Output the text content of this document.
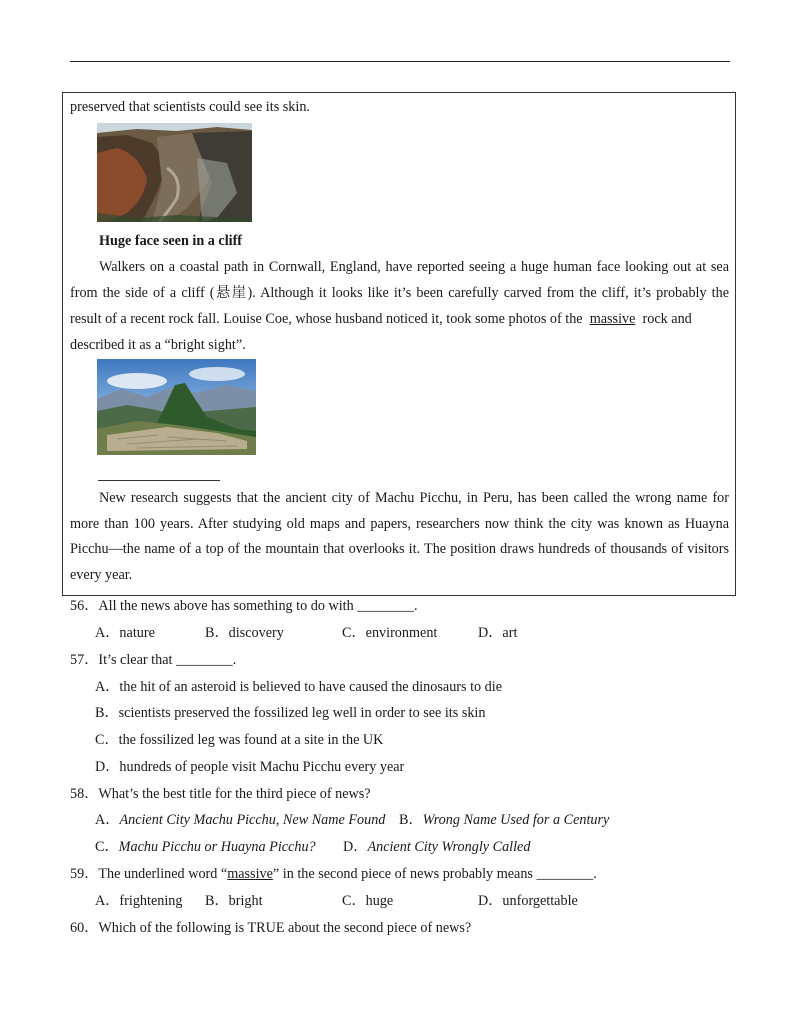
preserved that scientists could see its skin.
Huge face seen in a cliff
Walkers on a coastal path in Cornwall, England, have reported seeing a huge human face looking out at sea
from the side of a cliff (悬崖). Although it looks like it’s been carefully carved from the cliff, it’s probably the
result of a recent rock fall. Louise Coe, whose husband noticed it, took some photos of the massive rock and
described it as a “bright sight”.
New research suggests that the ancient city of Machu Picchu, in Peru, has been called the wrong name for
more than 100 years. After studying old maps and papers, researchers now think the city was known as Huayna
Picchu—the name of a top of the mountain that overlooks it. The position draws hundreds of thousands of visitors
every year.
56．All the news above has something to do with ________.
A．nature	B．discovery	C．environment	D．art
57．It’s clear that ________.
A．the hit of an asteroid is believed to have caused the dinosaurs to die
B．scientists preserved the fossilized leg well in order to see its skin
C．the fossilized leg was found at a site in the UK
D．hundreds of people visit Machu Picchu every year
58．What’s the best title for the third piece of news?
A．Ancient City Machu Picchu, New Name Found B．Wrong Name Used for a Century
C．Machu Picchu or Huayna Picchu? D．Ancient City Wrongly Called
59．The underlined word “massive” in the second piece of news probably means ________.
A．frightening B．bright	C．huge	D．unforgettable
60．Which of the following is TRUE about the second piece of news?
